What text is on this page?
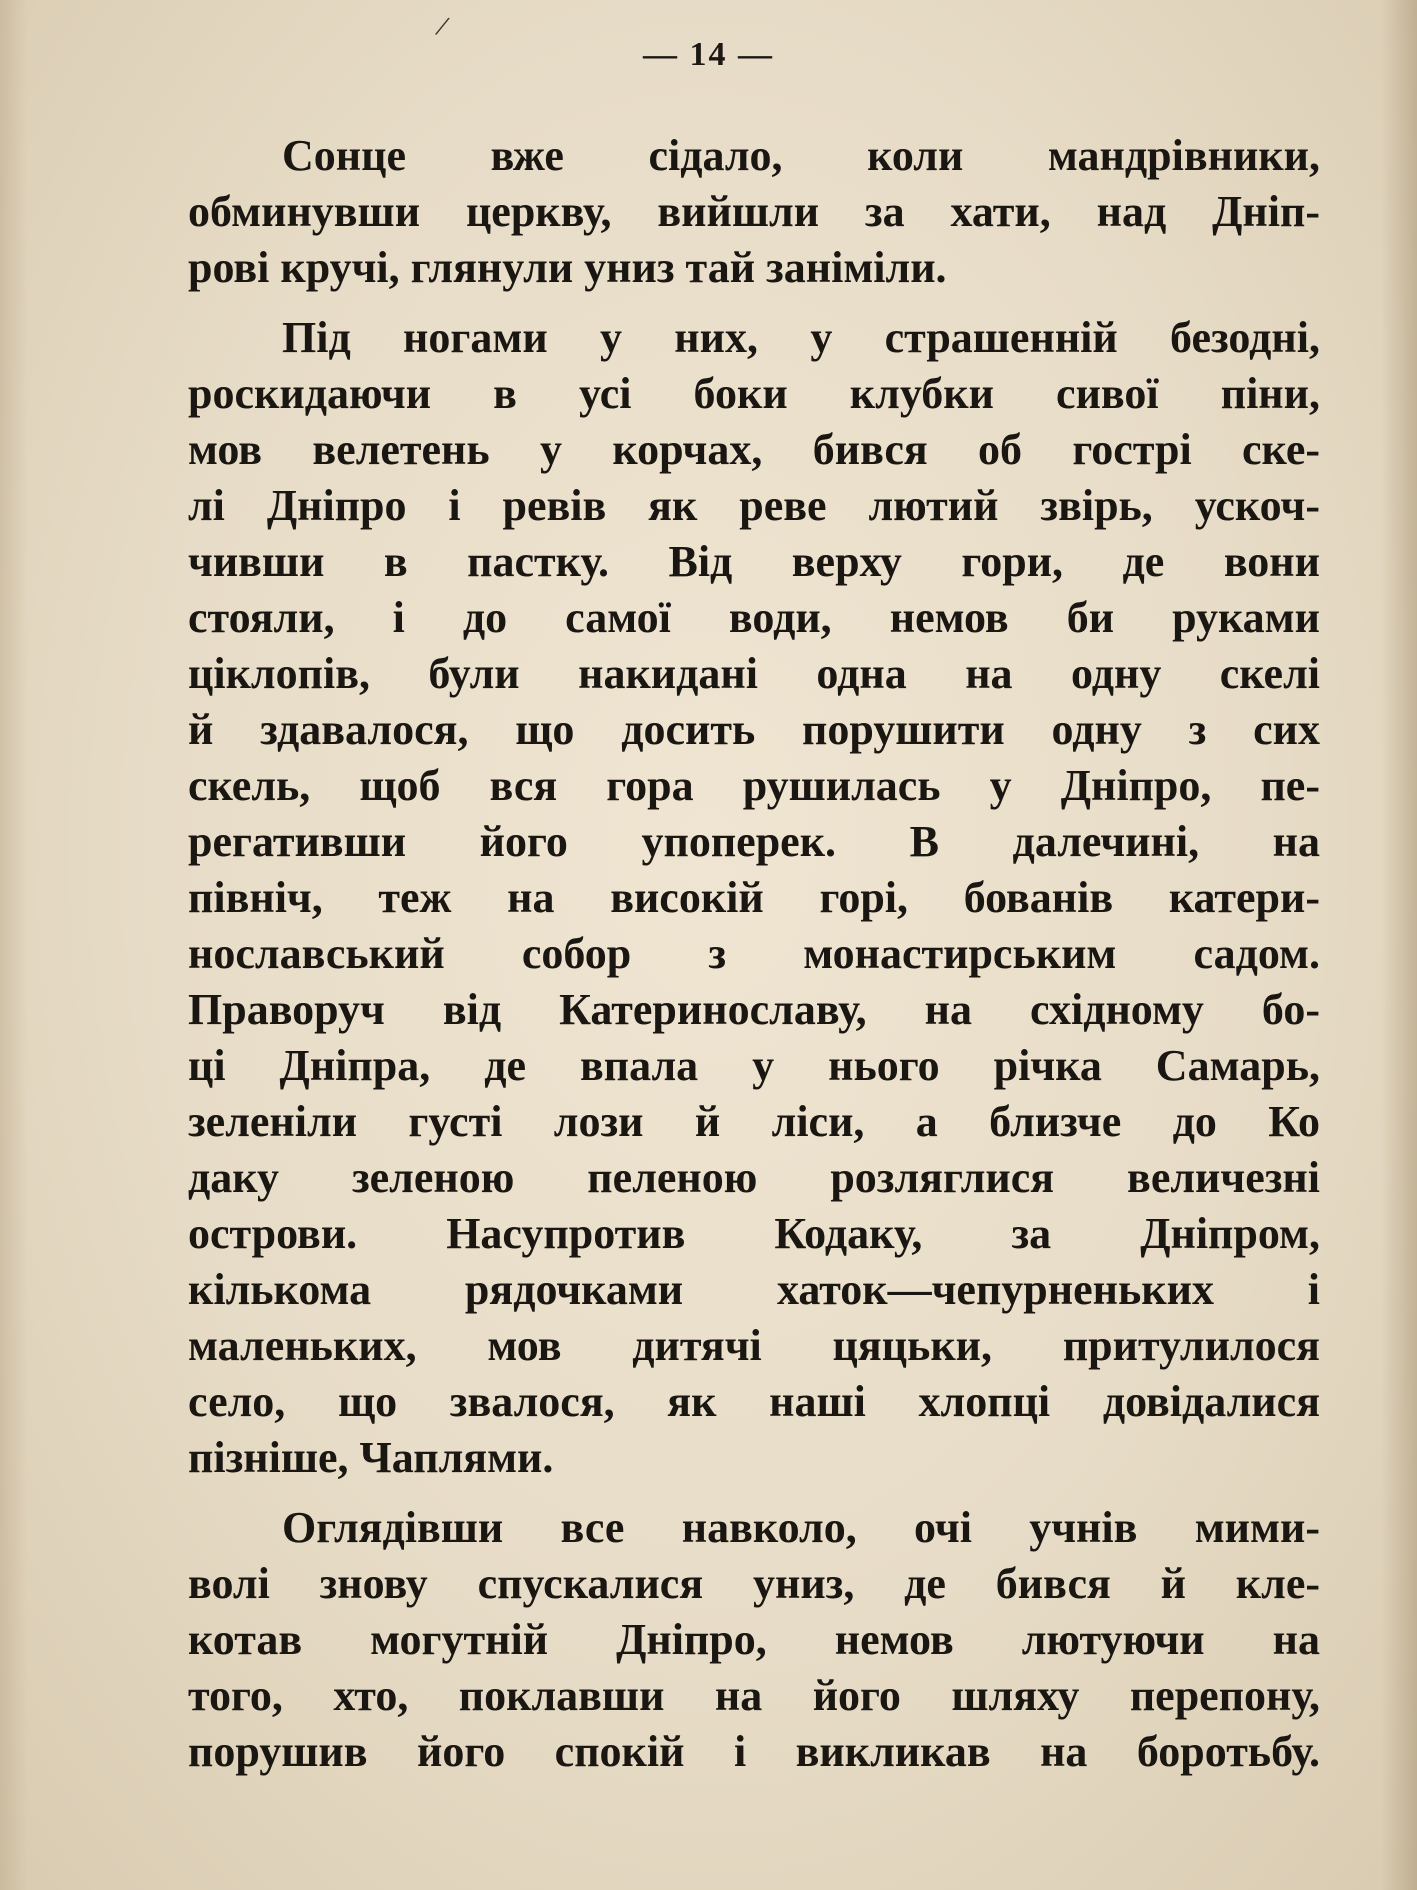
/
— 14 —
Сонце вже сідало, коли мандрівники,
обминувши церкву, вийшли за хати, над Дніп-
рові кручі, глянули униз тай заніміли.
Під ногами у них, у страшенній безодні,
роскидаючи в усі боки клубки сивої піни,
мов велетень у корчах, бився об гострі ске-
лі Дніпро і ревів як реве лютий звірь, ускоч-
чивши в пастку. Від верху гори, де вони
стояли, і до самої води, немов би руками
ціклопів, були накидані одна на одну скелі
й здавалося, що досить порушити одну з сих
скель, щоб вся гора рушилась у Дніпро, пе-
регативши його упоперек. В далечині, на
північ, теж на високій горі, бованів катери-
нославський собор з монастирським садом.
Праворуч від Катеринославу, на східному бо-
ці Дніпра, де впала у нього річка Самарь,
зеленіли густі лози й ліси, а близче до Ко
даку зеленою пеленою розляглися величезні
острови. Насупротив Кодаку, за Дніпром,
кількома рядочками хаток—чепурненьких і
маленьких, мов дитячі цяцьки, притулилося
село, що звалося, як наші хлопці довідалися
пізніше, Чаплями.
Оглядівши все навколо, очі учнів мими-
волі знову спускалися униз, де бився й кле-
котав могутній Дніпро, немов лютуючи на
того, хто, поклавши на його шляху перепону,
порушив його спокій і викликав на боротьбу.
